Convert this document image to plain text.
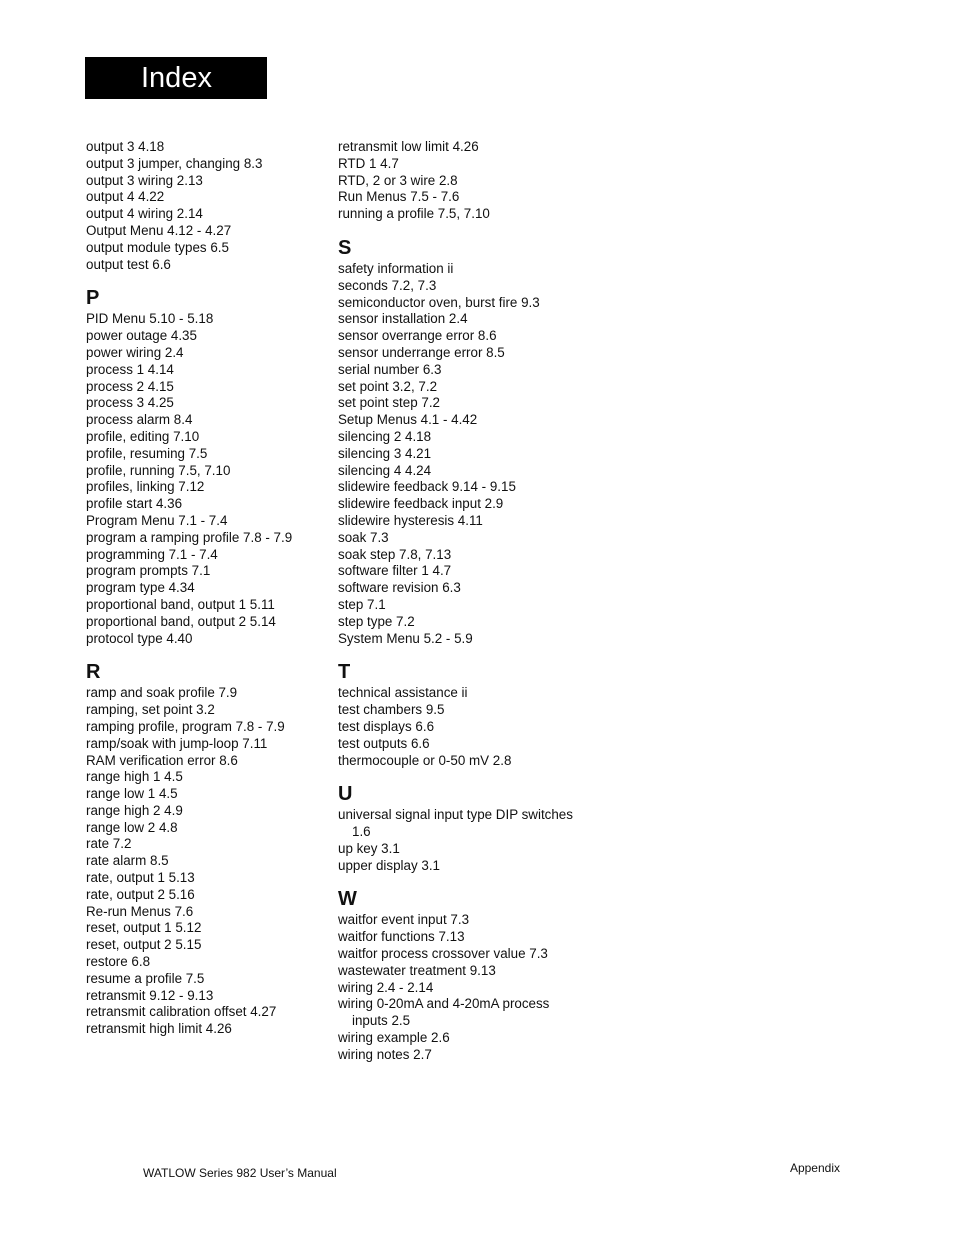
Index
output 3 4.18
output 3 jumper, changing 8.3
output 3 wiring 2.13
output 4 4.22
output 4 wiring 2.14
Output Menu 4.12 - 4.27
output module types 6.5
output test 6.6
P
PID Menu 5.10 - 5.18
power outage 4.35
power wiring 2.4
process 1 4.14
process 2 4.15
process 3 4.25
process alarm 8.4
profile, editing 7.10
profile, resuming 7.5
profile, running 7.5, 7.10
profiles, linking 7.12
profile start 4.36
Program Menu 7.1 - 7.4
program a ramping profile 7.8 - 7.9
programming 7.1 - 7.4
program prompts 7.1
program type 4.34
proportional band, output 1 5.11
proportional band, output 2 5.14
protocol type 4.40
R
ramp and soak profile 7.9
ramping, set point 3.2
ramping profile, program 7.8 - 7.9
ramp/soak with jump-loop 7.11
RAM verification error 8.6
range high 1 4.5
range low 1 4.5
range high 2 4.9
range low 2 4.8
rate 7.2
rate alarm 8.5
rate, output 1 5.13
rate, output 2 5.16
Re-run Menus 7.6
reset, output 1 5.12
reset, output 2 5.15
restore 6.8
resume a profile 7.5
retransmit 9.12 - 9.13
retransmit calibration offset 4.27
retransmit high limit 4.26
retransmit low limit 4.26
RTD 1 4.7
RTD, 2 or 3 wire 2.8
Run Menus 7.5 - 7.6
running a profile 7.5, 7.10
S
safety information ii
seconds 7.2, 7.3
semiconductor oven, burst fire 9.3
sensor installation 2.4
sensor overrange error 8.6
sensor underrange error 8.5
serial number 6.3
set point 3.2, 7.2
set point step 7.2
Setup Menus 4.1 - 4.42
silencing 2 4.18
silencing 3 4.21
silencing 4 4.24
slidewire feedback 9.14 - 9.15
slidewire feedback input 2.9
slidewire hysteresis 4.11
soak 7.3
soak step 7.8, 7.13
software filter 1 4.7
software revision 6.3
step 7.1
step type 7.2
System Menu 5.2 - 5.9
T
technical assistance ii
test chambers 9.5
test displays 6.6
test outputs 6.6
thermocouple or 0-50 mV 2.8
U
universal signal input type DIP switches 1.6
up key 3.1
upper display 3.1
W
waitfor event input 7.3
waitfor functions 7.13
waitfor process crossover value 7.3
wastewater treatment 9.13
wiring 2.4 - 2.14
wiring 0-20mA and 4-20mA process inputs 2.5
wiring example 2.6
wiring notes 2.7
WATLOW Series 982 User’s Manual	Appendix
